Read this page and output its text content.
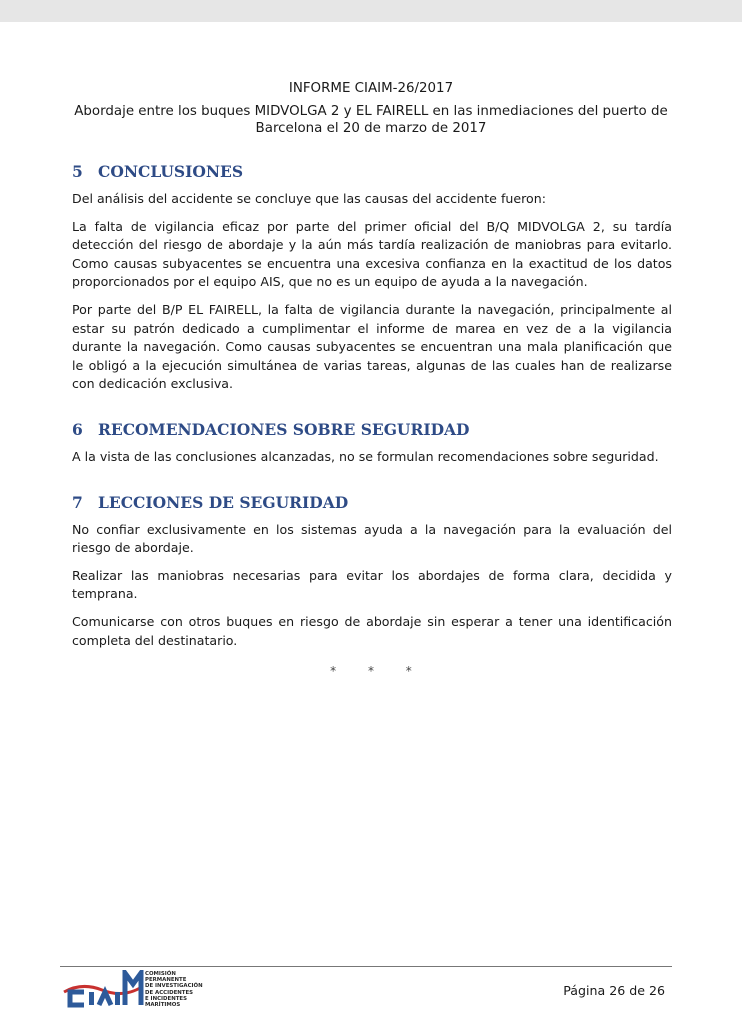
INFORME CIAIM-26/2017
Abordaje entre los buques MIDVOLGA 2 y EL FAIRELL en las inmediaciones del puerto de Barcelona el 20 de marzo de 2017
5 CONCLUSIONES

Del análisis del accidente se concluye que las causas del accidente fueron:

La falta de vigilancia eficaz por parte del primer oficial del B/Q MIDVOLGA 2, su tardía detección del riesgo de abordaje y la aún más tardía realización de maniobras para evitarlo. Como causas subyacentes se encuentra una excesiva confianza en la exactitud de los datos proporcionados por el equipo AIS, que no es un equipo de ayuda a la navegación.

Por parte del B/P EL FAIRELL, la falta de vigilancia durante la navegación, principalmente al estar su patrón dedicado a cumplimentar el informe de marea en vez de a la vigilancia durante la navegación. Como causas subyacentes se encuentran una mala planificación que le obligó a la ejecución simultánea de varias tareas, algunas de las cuales han de realizarse con dedicación exclusiva.

6 RECOMENDACIONES SOBRE SEGURIDAD

A la vista de las conclusiones alcanzadas, no se formulan recomendaciones sobre seguridad.

7 LECCIONES DE SEGURIDAD

No confiar exclusivamente en los sistemas ayuda a la navegación para la evaluación del riesgo de abordaje.

Realizar las maniobras necesarias para evitar los abordajes de forma clara, decidida y temprana.

Comunicarse con otros buques en riesgo de abordaje sin esperar a tener una identificación completa del destinatario.

* * *
COMISIÓN
PERMANENTE
DE INVESTIGACIÓN
DE ACCIDENTES
E INCIDENTES
MARÍTIMOS
Página 26 de 26
